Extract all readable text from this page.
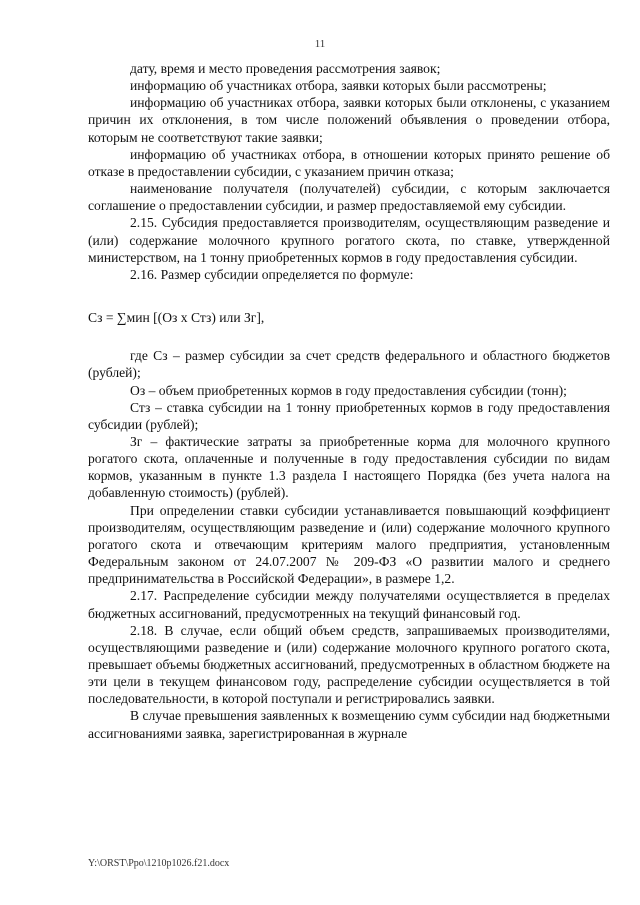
11

дату, время и место проведения рассмотрения заявок;

информацию об участниках отбора, заявки которых были рассмотрены;

информацию об участниках отбора, заявки которых были отклонены, с указанием причин их отклонения, в том числе положений объявления о проведении отбора, которым не соответствуют такие заявки;

информацию об участниках отбора, в отношении которых принято решение об отказе в предоставлении субсидии, с указанием причин отказа;

наименование получателя (получателей) субсидии, с которым заключается соглашение о предоставлении субсидии, и размер предоставляемой ему субсидии.

2.15. Субсидия предоставляется производителям, осуществляющим разведение и (или) содержание молочного крупного рогатого скота, по ставке, утвержденной министерством, на 1 тонну приобретенных кормов в году предоставления субсидии.

2.16. Размер субсидии определяется по формуле:

Сз = ∑мин [(Оз х Стз) или Зг],

где Сз – размер субсидии за счет средств федерального и областного бюджетов (рублей);

Оз – объем приобретенных кормов в году предоставления субсидии (тонн);

Стз – ставка субсидии на 1 тонну приобретенных кормов в году предоставления субсидии (рублей);

Зг – фактические затраты за приобретенные корма для молочного крупного рогатого скота, оплаченные и полученные в году предоставления субсидии по видам кормов, указанным в пункте 1.3 раздела I настоящего Порядка (без учета налога на добавленную стоимость) (рублей).

При определении ставки субсидии устанавливается повышающий коэффициент производителям, осуществляющим разведение и (или) содержание молочного крупного рогатого скота и отвечающим критериям малого предприятия, установленным Федеральным законом от 24.07.2007 № 209-ФЗ «О развитии малого и среднего предпринимательства в Российской Федерации», в размере 1,2.

2.17. Распределение субсидии между получателями осуществляется в пределах бюджетных ассигнований, предусмотренных на текущий финансовый год.

2.18. В случае, если общий объем средств, запрашиваемых производителями, осуществляющими разведение и (или) содержание молочного крупного рогатого скота, превышает объемы бюджетных ассигнований, предусмотренных в областном бюджете на эти цели в текущем финансовом году, распределение субсидии осуществляется в той последовательности, в которой поступали и регистрировались заявки.

В случае превышения заявленных к возмещению сумм субсидии над бюджетными ассигнованиями заявка, зарегистрированная в журнале

Y:\ORST\Ppo\1210p1026.f21.docx
